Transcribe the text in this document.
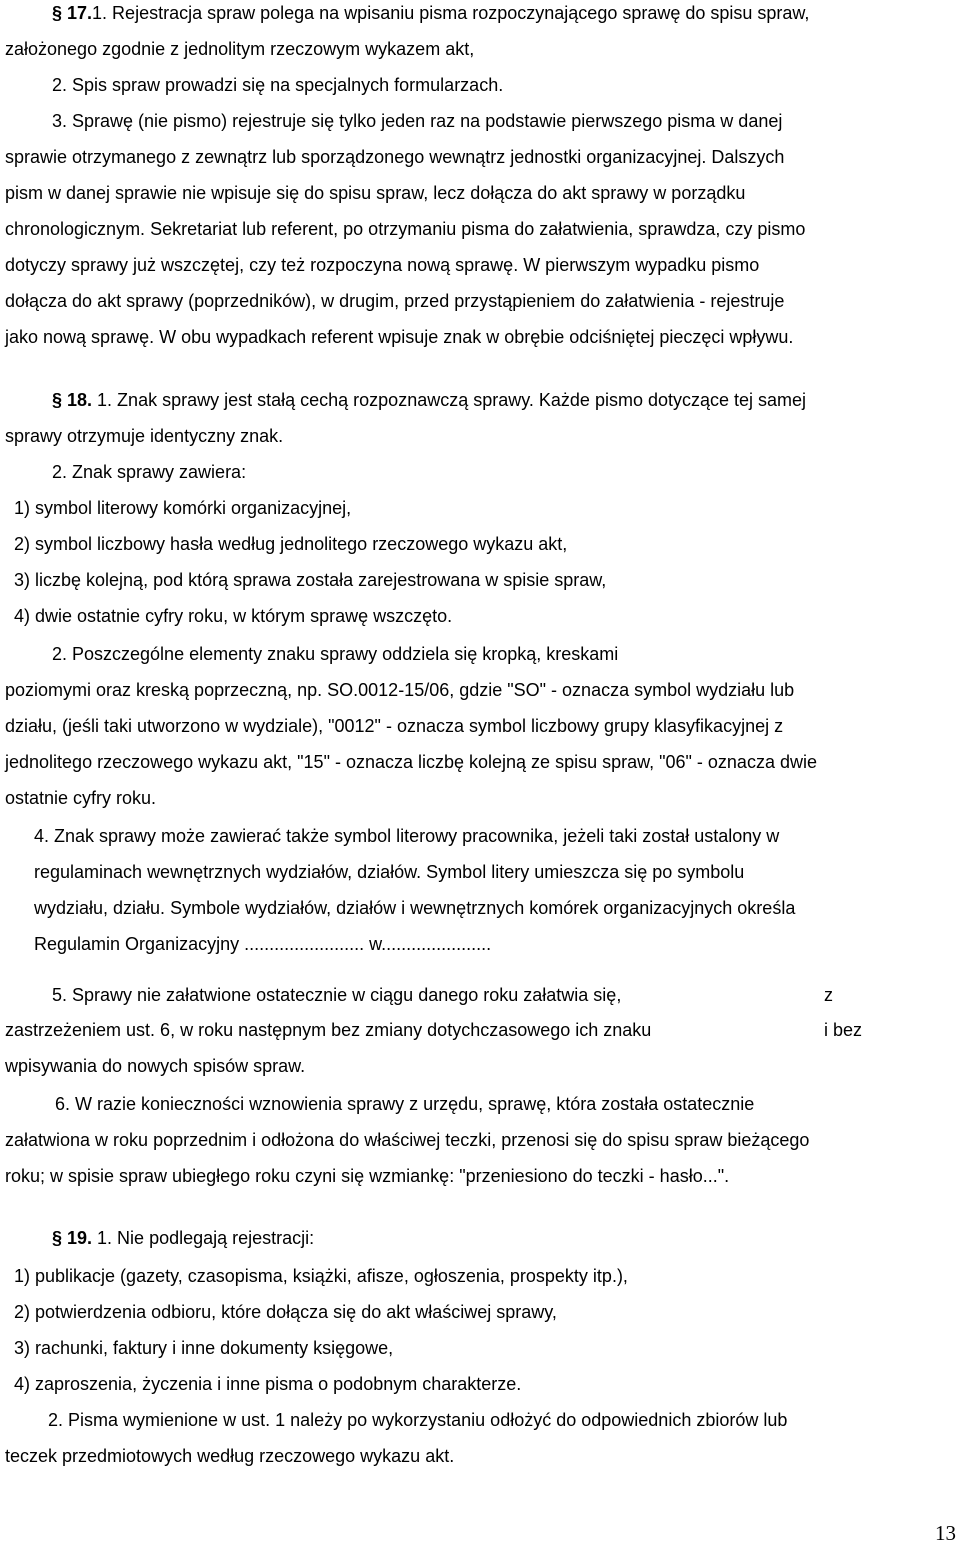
§ 17.1. Rejestracja spraw polega na wpisaniu pisma rozpoczynającego sprawę do spisu spraw,
założonego zgodnie z jednolitym rzeczowym wykazem akt,
2. Spis spraw prowadzi się na specjalnych formularzach.
3. Sprawę (nie pismo) rejestruje się tylko jeden raz na podstawie pierwszego pisma w danej
sprawie otrzymanego z zewnątrz lub sporządzonego wewnątrz jednostki organizacyjnej. Dalszych
pism w danej sprawie nie wpisuje się do spisu spraw, lecz dołącza do akt sprawy w porządku
chronologicznym. Sekretariat lub referent, po otrzymaniu pisma do załatwienia, sprawdza, czy pismo
dotyczy sprawy już wszczętej, czy też rozpoczyna nową sprawę. W pierwszym wypadku pismo
dołącza do akt sprawy (poprzedników), w drugim, przed przystąpieniem do załatwienia - rejestruje
jako nową sprawę. W obu wypadkach referent wpisuje znak w obrębie odciśniętej pieczęci wpływu.
§ 18. 1. Znak sprawy jest stałą cechą rozpoznawczą sprawy. Każde pismo dotyczące tej samej
sprawy otrzymuje identyczny znak.
2. Znak sprawy zawiera:
1) symbol literowy komórki organizacyjnej,
2) symbol liczbowy hasła według jednolitego rzeczowego wykazu akt,
3) liczbę kolejną, pod którą sprawa została zarejestrowana w spisie spraw,
4) dwie ostatnie cyfry roku, w którym sprawę wszczęto.
2. Poszczególne elementy znaku sprawy oddziela się kropką, kreskami
poziomymi oraz kreską poprzeczną, np. SO.0012-15/06, gdzie "SO" - oznacza symbol wydziału lub
działu, (jeśli taki utworzono w wydziale), "0012" - oznacza symbol liczbowy grupy klasyfikacyjnej z
jednolitego rzeczowego wykazu akt, "15" - oznacza liczbę kolejną ze spisu spraw, "06" - oznacza dwie
ostatnie cyfry roku.
4. Znak sprawy może zawierać także symbol literowy pracownika, jeżeli taki został ustalony w
regulaminach wewnętrznych wydziałów, działów. Symbol litery umieszcza się po symbolu
wydziału, działu. Symbole wydziałów, działów i wewnętrznych komórek organizacyjnych określa
Regulamin Organizacyjny ........................ w......................
5. Sprawy nie załatwione ostatecznie w ciągu danego roku załatwia się,	z
zastrzeżeniem ust. 6, w roku następnym bez zmiany dotychczasowego ich znaku	i bez
wpisywania do nowych spisów spraw.
6. W razie konieczności wznowienia sprawy z urzędu, sprawę, która została ostatecznie
załatwiona w roku poprzednim i odłożona do właściwej teczki, przenosi się do spisu spraw bieżącego
roku; w spisie spraw ubiegłego roku czyni się wzmiankę: "przeniesiono do teczki - hasło...".
§ 19. 1. Nie podlegają rejestracji:
1) publikacje (gazety, czasopisma, książki, afisze, ogłoszenia, prospekty itp.),
2) potwierdzenia odbioru, które dołącza się do akt właściwej sprawy,
3) rachunki, faktury i inne dokumenty księgowe,
4) zaproszenia, życzenia i inne pisma o podobnym charakterze.
2. Pisma wymienione w ust. 1 należy po wykorzystaniu odłożyć do odpowiednich zbiorów lub
teczek przedmiotowych według rzeczowego wykazu akt.
13
